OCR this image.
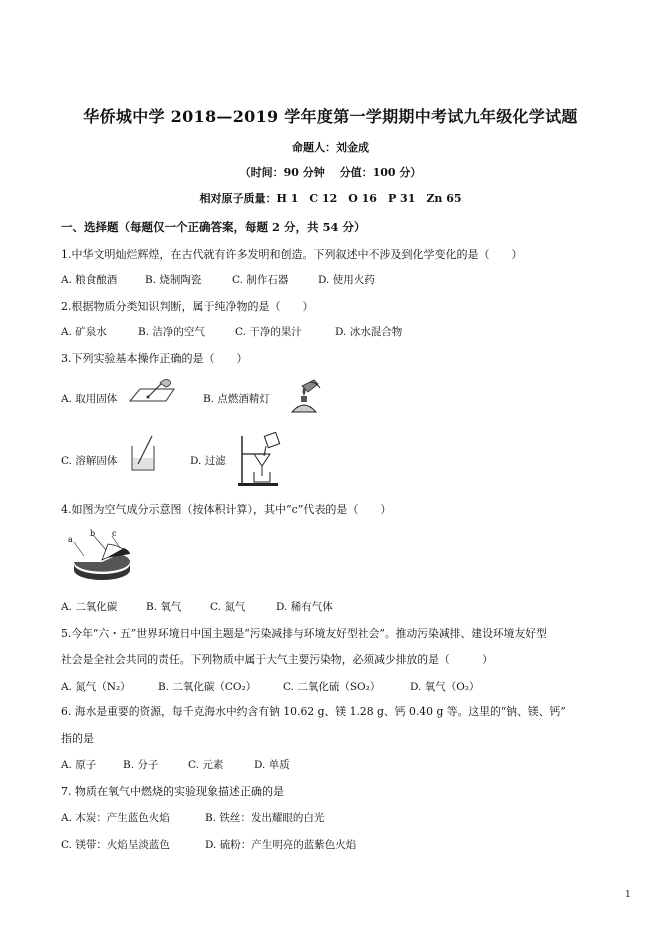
华侨城中学 2018—2019 学年度第一学期期中考试九年级化学试题
命题人：刘金成
（时间：90 分钟　 分值：100 分）
相对原子质量：H 1　C 12　O 16　P 31　Zn 65
一、选择题（每题仅一个正确答案，每题 2 分，共 54 分）
1.中华文明灿烂辉煌，在古代就有许多发明和创造。下列叙述中不涉及到化学变化的是（　　）
A. 粮食酿酒	B. 烧制陶瓷	C. 制作石器	D. 使用火药
2.根据物质分类知识判断，属于纯净物的是（　　）
A. 矿泉水	B. 洁净的空气	C. 干净的果汁	D. 冰水混合物
3.下列实验基本操作正确的是（　　）
A. 取用固体	B. 点燃酒精灯
C. 溶解固体	D. 过滤
4.如图为空气成分示意图（按体积计算），其中“c”代表的是（　　）
a
b c
A. 二氧化碳	B. 氧气	C. 氮气	D. 稀有气体
5.今年“六・五”世界环境日中国主题是“污染减排与环境友好型社会”。推动污染减排、建设环境友好型
社会是全社会共同的责任。下列物质中属于大气主要污染物，必须减少排放的是（　　　）
A. 氮气（N₂）	B. 二氧化碳（CO₂）	C. 二氧化硫（SO₂）	D. 氧气（O₂）
6. 海水是重要的资源，每千克海水中约含有钠 10.62 g、镁 1.28 g、钙 0.40 g 等。这里的“钠、镁、钙”
指的是
A. 原子	B. 分子	C. 元素	D. 单质
7. 物质在氧气中燃烧的实验现象描述正确的是
A. 木炭：产生蓝色火焰	B. 铁丝：发出耀眼的白光
C. 镁带：火焰呈淡蓝色	D. 硫粉：产生明亮的蓝紫色火焰
1
